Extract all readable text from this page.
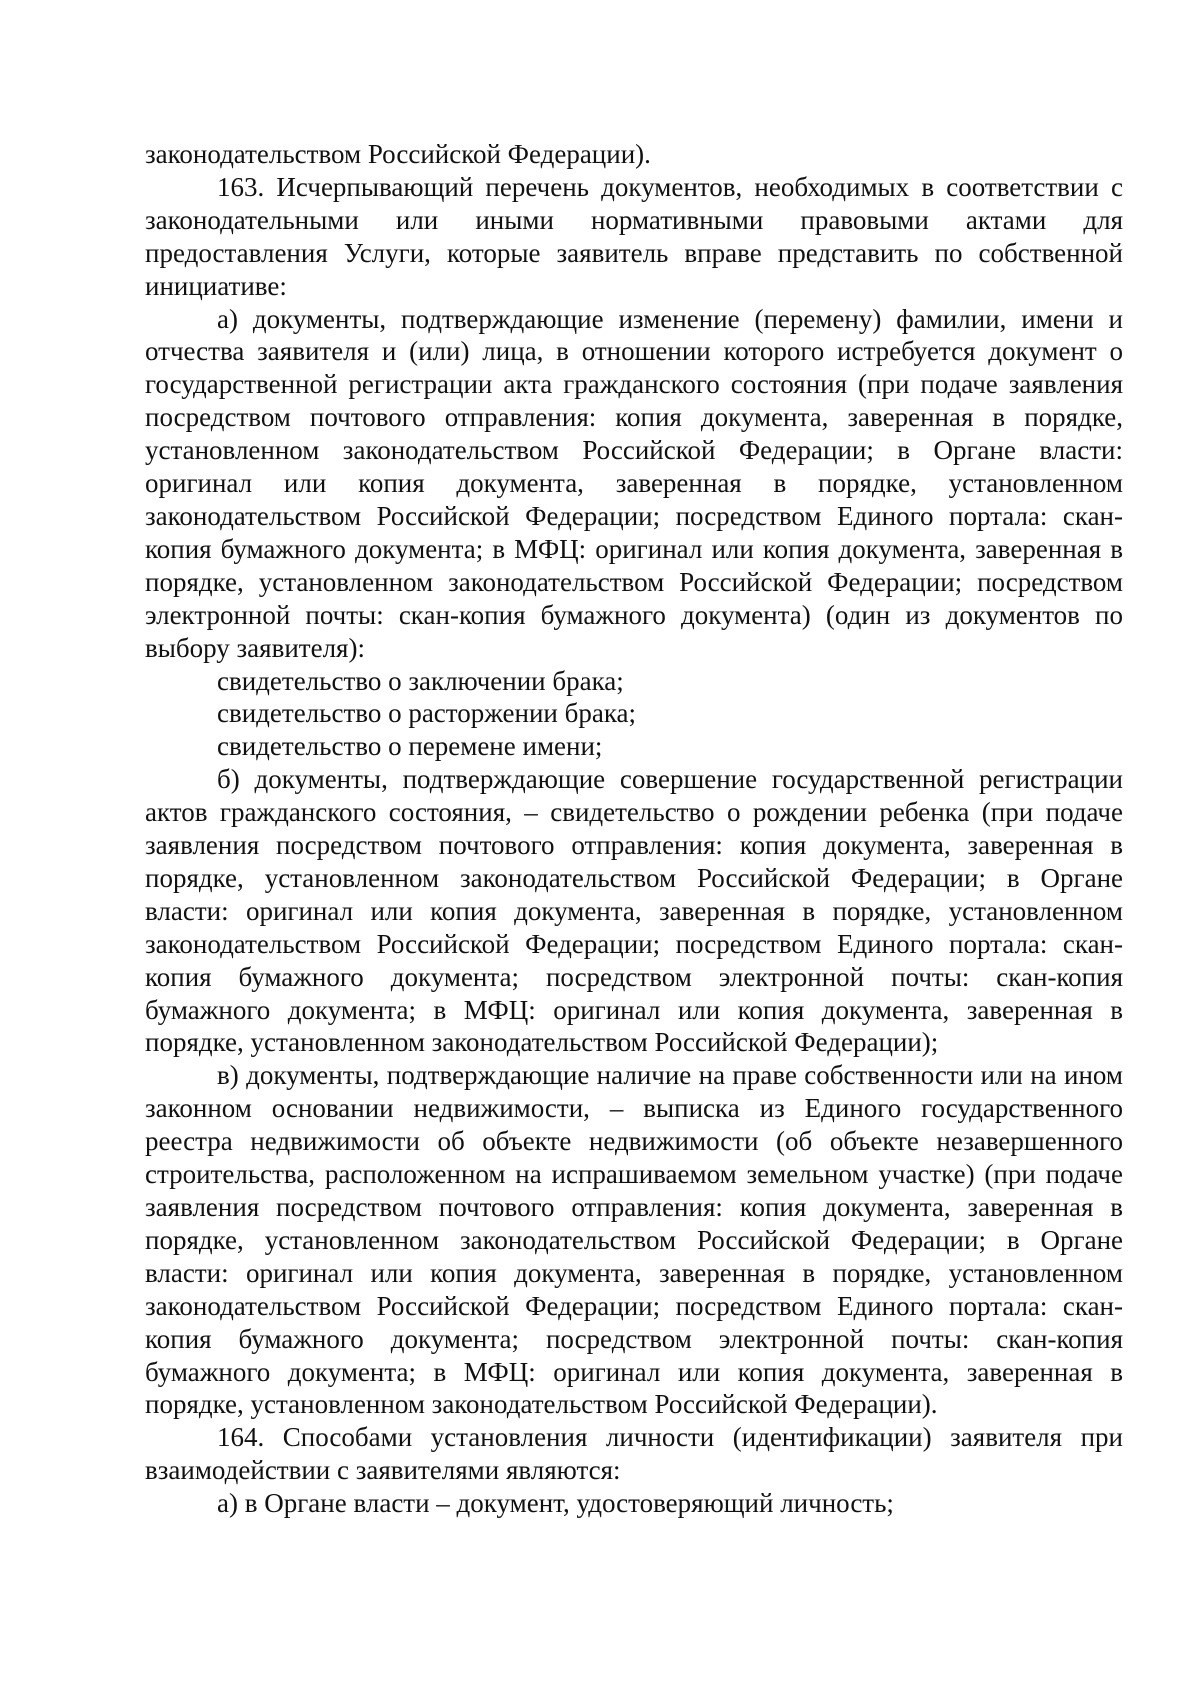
законодательством Российской Федерации).

163. Исчерпывающий перечень документов, необходимых в соответствии с законодательными или иными нормативными правовыми актами для предоставления Услуги, которые заявитель вправе представить по собственной инициативе:

а) документы, подтверждающие изменение (перемену) фамилии, имени и отчества заявителя и (или) лица, в отношении которого истребуется документ о государственной регистрации акта гражданского состояния (при подаче заявления посредством почтового отправления: копия документа, заверенная в порядке, установленном законодательством Российской Федерации; в Органе власти: оригинал или копия документа, заверенная в порядке, установленном законодательством Российской Федерации; посредством Единого портала: скан-копия бумажного документа; в МФЦ: оригинал или копия документа, заверенная в порядке, установленном законодательством Российской Федерации; посредством электронной почты: скан-копия бумажного документа) (один из документов по выбору заявителя):

свидетельство о заключении брака;

свидетельство о расторжении брака;

свидетельство о перемене имени;

б) документы, подтверждающие совершение государственной регистрации актов гражданского состояния, – свидетельство о рождении ребенка (при подаче заявления посредством почтового отправления: копия документа, заверенная в порядке, установленном законодательством Российской Федерации; в Органе власти: оригинал или копия документа, заверенная в порядке, установленном законодательством Российской Федерации; посредством Единого портала: скан-копия бумажного документа; посредством электронной почты: скан-копия бумажного документа; в МФЦ: оригинал или копия документа, заверенная в порядке, установленном законодательством Российской Федерации);

в) документы, подтверждающие наличие на праве собственности или на ином законном основании недвижимости, – выписка из Единого государственного реестра недвижимости об объекте недвижимости (об объекте незавершенного строительства, расположенном на испрашиваемом земельном участке) (при подаче заявления посредством почтового отправления: копия документа, заверенная в порядке, установленном законодательством Российской Федерации; в Органе власти: оригинал или копия документа, заверенная в порядке, установленном законодательством Российской Федерации; посредством Единого портала: скан-копия бумажного документа; посредством электронной почты: скан-копия бумажного документа; в МФЦ: оригинал или копия документа, заверенная в порядке, установленном законодательством Российской Федерации).

164. Способами установления личности (идентификации) заявителя при взаимодействии с заявителями являются:

а) в Органе власти – документ, удостоверяющий личность;
